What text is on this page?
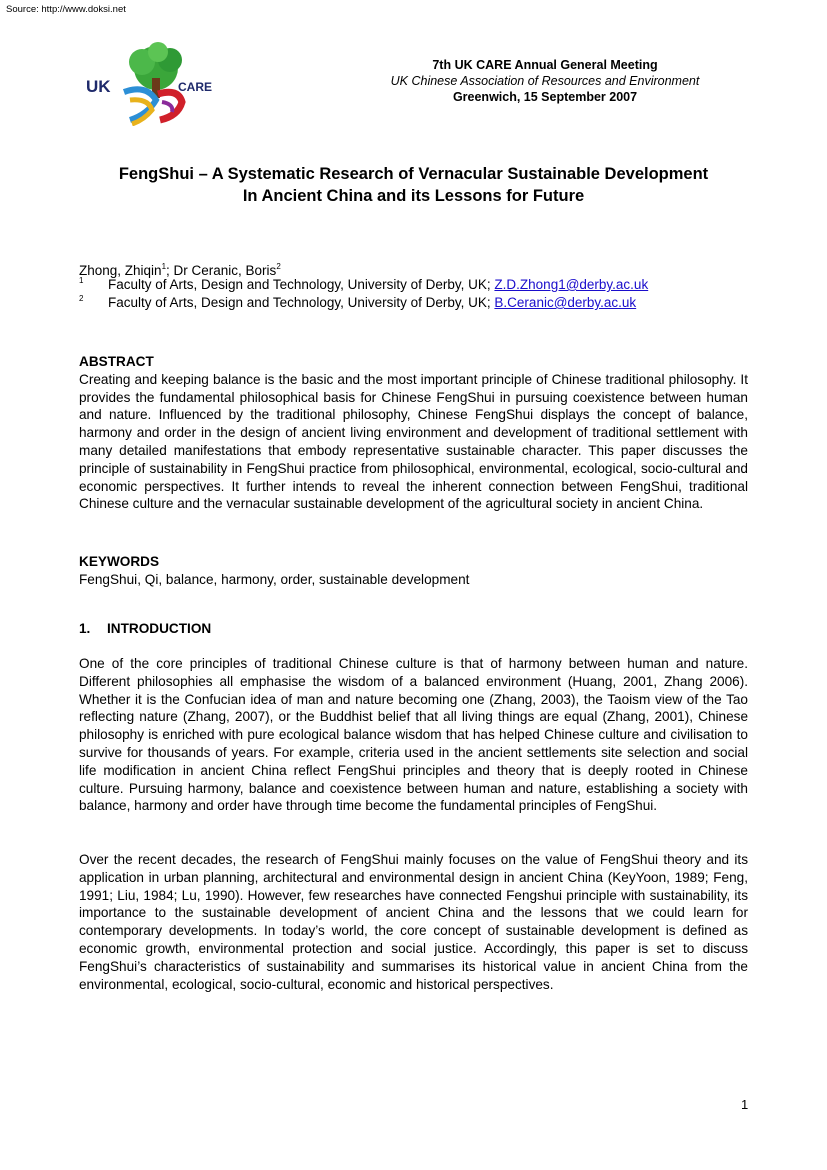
Source: http://www.doksi.net
UK	CARE
7th UK CARE Annual General Meeting
UK Chinese Association of Resources and Environment
Greenwich, 15 September 2007
FengShui – A Systematic Research of Vernacular Sustainable Development
In Ancient China and its Lessons for Future
Zhong, Zhiqin$^1$; Dr Ceranic, Boris$^2$
1 Faculty of Arts, Design and Technology, University of Derby, UK; Z.D.Zhong1@derby.ac.uk
2 Faculty of Arts, Design and Technology, University of Derby, UK; B.Ceranic@derby.ac.uk
ABSTRACT
Creating and keeping balance is the basic and the most important principle of Chinese traditional philosophy. It provides the fundamental philosophical basis for Chinese FengShui in pursuing coexistence between human and nature. Influenced by the traditional philosophy, Chinese FengShui displays the concept of balance, harmony and order in the design of ancient living environment and development of traditional settlement with many detailed manifestations that embody representative sustainable character. This paper discusses the principle of sustainability in FengShui practice from philosophical, environmental, ecological, socio-cultural and economic perspectives. It further intends to reveal the inherent connection between FengShui, traditional Chinese culture and the vernacular sustainable development of the agricultural society in ancient China.
KEYWORDS
FengShui, Qi, balance, harmony, order, sustainable development
1. INTRODUCTION
One of the core principles of traditional Chinese culture is that of harmony between human and nature. Different philosophies all emphasise the wisdom of a balanced environment (Huang, 2001, Zhang 2006). Whether it is the Confucian idea of man and nature becoming one (Zhang, 2003), the Taoism view of the Tao reflecting nature (Zhang, 2007), or the Buddhist belief that all living things are equal (Zhang, 2001), Chinese philosophy is enriched with pure ecological balance wisdom that has helped Chinese culture and civilisation to survive for thousands of years. For example, criteria used in the ancient settlements site selection and social life modification in ancient China reflect FengShui principles and theory that is deeply rooted in Chinese culture. Pursuing harmony, balance and coexistence between human and nature, establishing a society with balance, harmony and order have through time become the fundamental principles of FengShui.
Over the recent decades, the research of FengShui mainly focuses on the value of FengShui theory and its application in urban planning, architectural and environmental design in ancient China (KeyYoon, 1989; Feng, 1991; Liu, 1984; Lu, 1990). However, few researches have connected Fengshui principle with sustainability, its importance to the sustainable development of ancient China and the lessons that we could learn for contemporary developments. In today’s world, the core concept of sustainable development is defined as economic growth, environmental protection and social justice. Accordingly, this paper is set to discuss FengShui’s characteristics of sustainability and summarises its historical value in ancient China from the environmental, ecological, socio-cultural, economic and historical perspectives.
1
